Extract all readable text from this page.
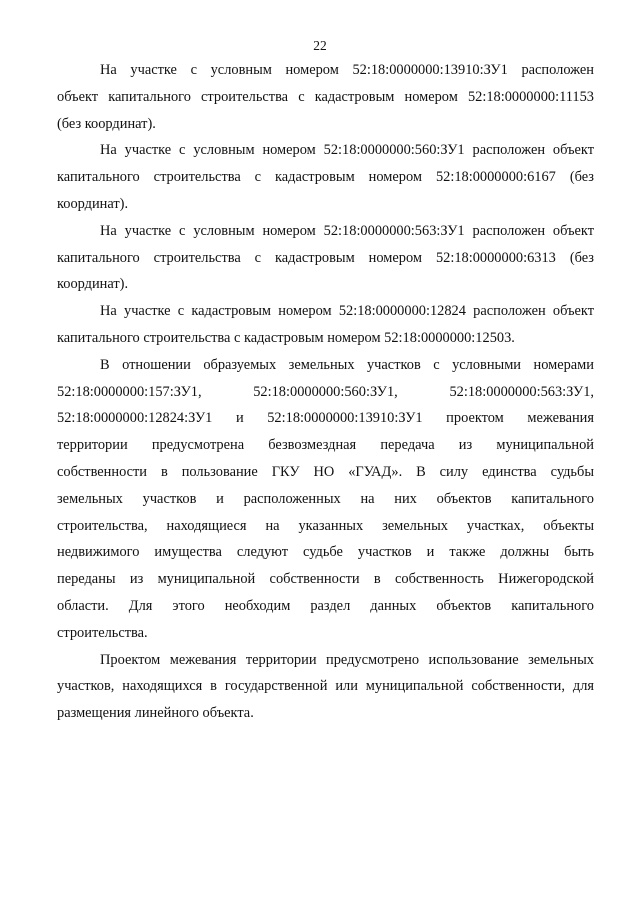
22

На участке с условным номером 52:18:0000000:13910:ЗУ1 расположен
объект капитального строительства с кадастровым номером 52:18:0000000:11153
(без координат).

На участке с условным номером 52:18:0000000:560:ЗУ1 расположен объект
капитального строительства с кадастровым номером 52:18:0000000:6167 (без
координат).

На участке с условным номером 52:18:0000000:563:ЗУ1 расположен объект
капитального строительства с кадастровым номером 52:18:0000000:6313 (без
координат).

На участке с кадастровым номером 52:18:0000000:12824 расположен объект
капитального строительства с кадастровым номером 52:18:0000000:12503.

В отношении образуемых земельных участков с условными номерами
52:18:0000000:157:ЗУ1, 52:18:0000000:560:ЗУ1, 52:18:0000000:563:ЗУ1,
52:18:0000000:12824:ЗУ1 и 52:18:0000000:13910:ЗУ1 проектом межевания
территории предусмотрена безвозмездная передача из муниципальной
собственности в пользование ГКУ НО «ГУАД». В силу единства судьбы
земельных участков и расположенных на них объектов капитального
строительства, находящиеся на указанных земельных участках, объекты
недвижимого имущества следуют судьбе участков и также должны быть
переданы из муниципальной собственности в собственность Нижегородской
области. Для этого необходим раздел данных объектов капитального
строительства.

Проектом межевания территории предусмотрено использование земельных
участков, находящихся в государственной или муниципальной собственности, для
размещения линейного объекта.
